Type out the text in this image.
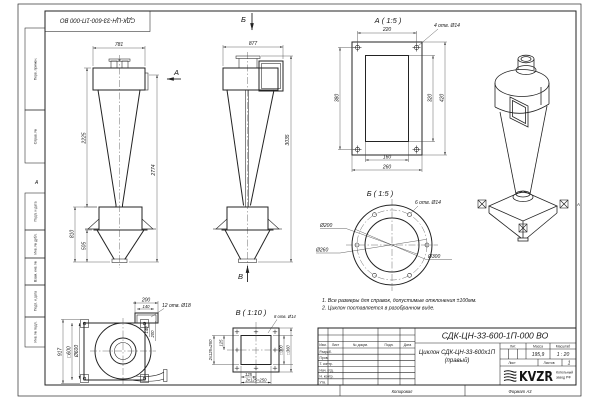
Перв. примен.
Справ. №
Подп. и дата
Инв. № дубл.
Взам. инв. №
Подп. и дата
Инв. № подл.
А
А
СДК-ЦН-33-600-1П-000 ВО
Копировал	Формат А3
781
2225
810
505
2774
А
Б
В
877
3035
А ( 1:5 )
4 отв. Ø14
220
380	320 420
160
260
Б ( 1:5 )
6 отв. Ø14
Ø200
Ø260
Ø300
917 □600 Ø600
200
140	12 отв. Ø18
140
200
В ( 1:10 ) 8 отв. Ø14
125
2х125=250
125
2х125=250
□300 □360
1. Все размеры для справок, допустимые отклонения ±100мм.
2. Циклон поставляется в разобранном виде.
СДК-ЦН-33-600-1П-000 ВО
Циклон СДК-ЦН-33-600х1П
(правый)
Изм. Лист	№ докум.	Подп.	Дата
Разраб.
Пров.
Т. контр.
Нач. отд.
Н. контр.
Утв.
Лит.	Масса	Масштаб
195,9 1 : 20
Лист	Листов	1
KVZR Котельный
завод РФ
